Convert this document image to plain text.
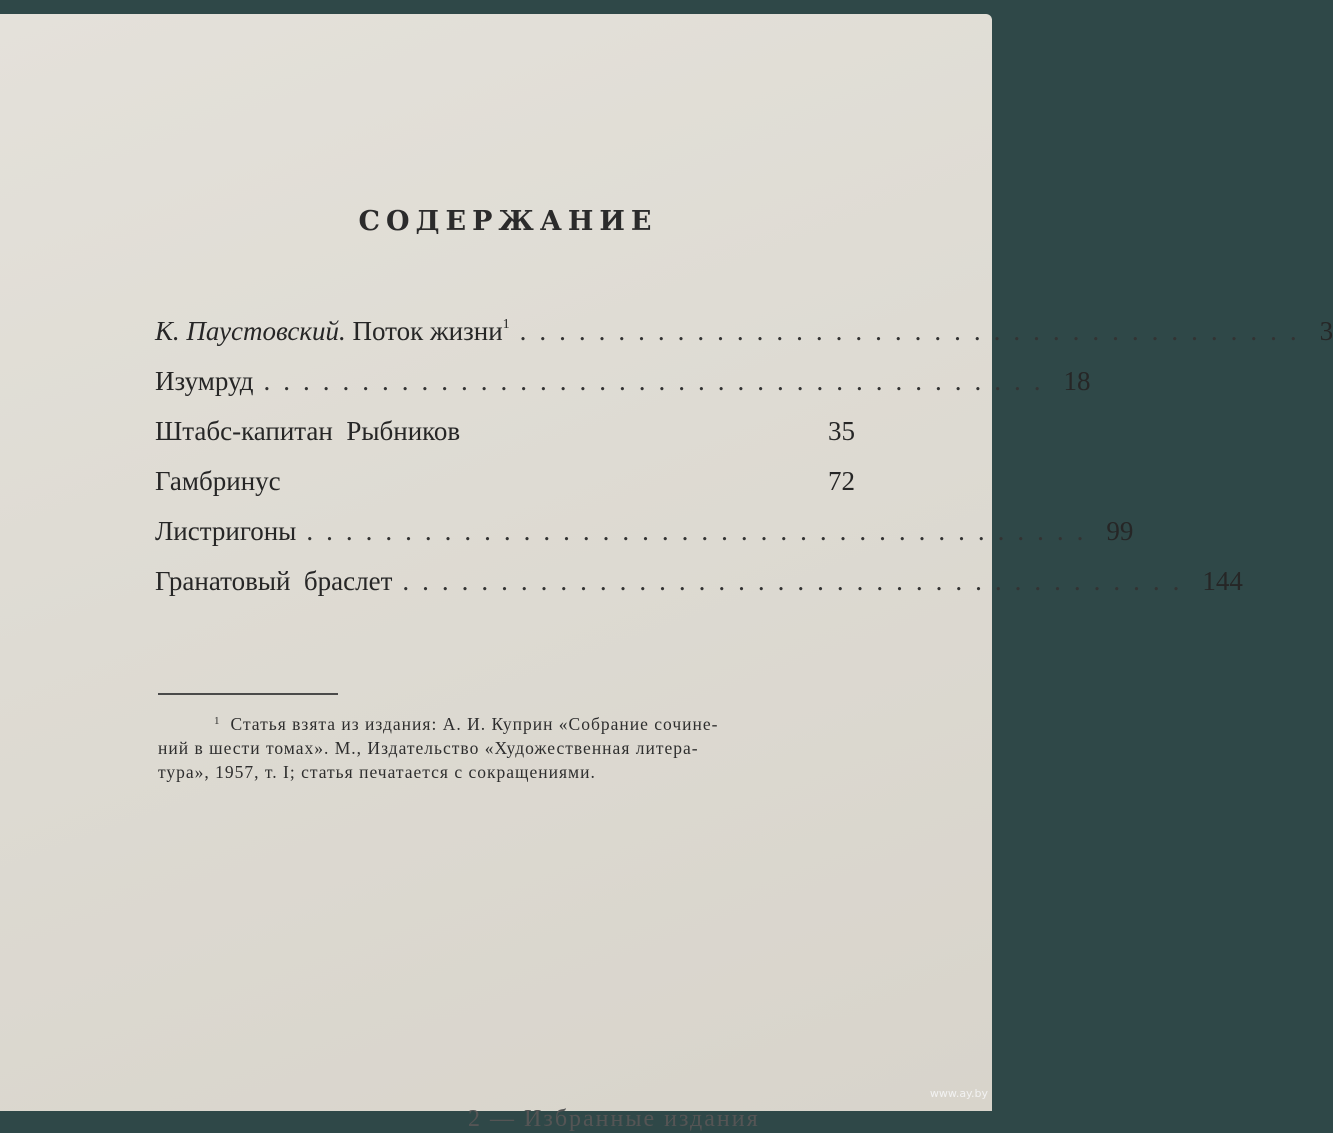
СОДЕРЖАНИЕ
К. Паустовский. Поток жизни$^1$ ........................................ 3
Изумруд ........................................ 18
Штабс-капитан  Рыбников	35
Гамбринус	72
Листригоны ........................................ 99
Гранатовый  браслет ........................................ 144
$^1$ Статья взята из издания: А. И. Куприн «Собрание сочине-
ний в шести томах». М., Издательство «Художественная литера-
тура», 1957, т. I; статья печатается с сокращениями.
2 — Избранные издания
www.ay.by
